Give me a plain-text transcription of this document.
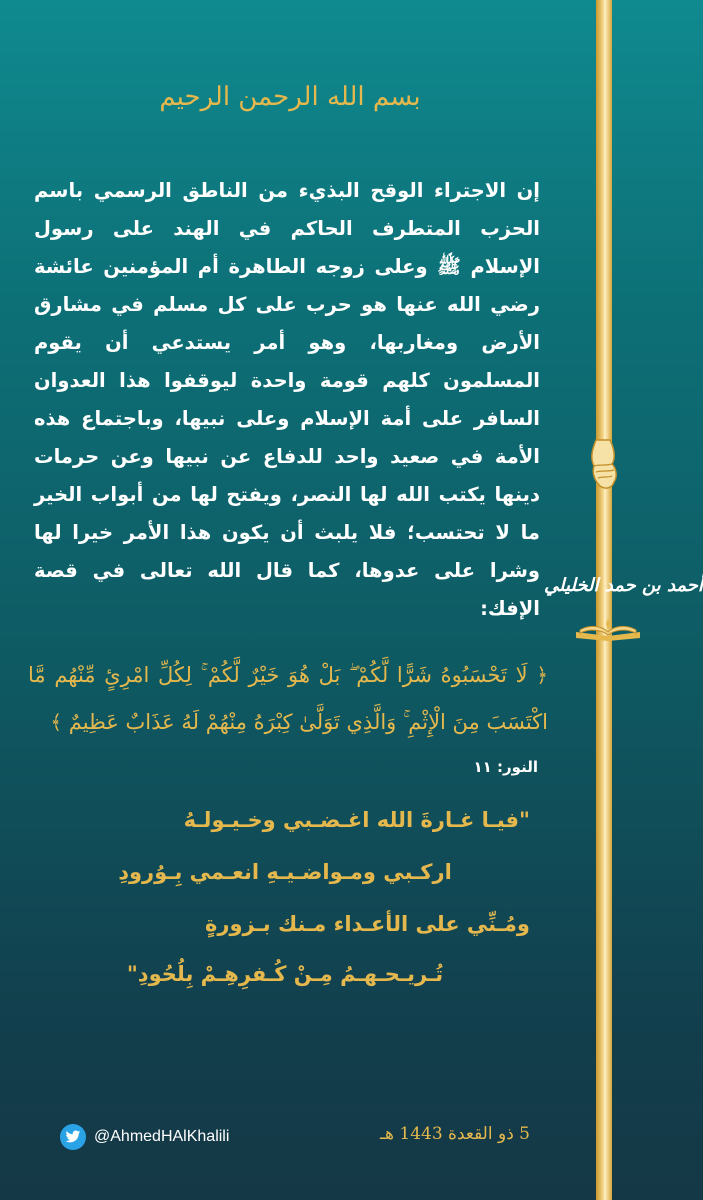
أحمد بن حمد الخليلي
بسم الله الرحمن الرحيم
إن الاجتراء الوقح البذيء من الناطق الرسمي باسم الحزب المتطرف الحاكم في الهند على رسول الإسلام ﷺ وعلى زوجه الطاهرة أم المؤمنين عائشة رضي الله عنها هو حرب على كل مسلم في مشارق الأرض ومغاربها، وهو أمر يستدعي أن يقوم المسلمون كلهم قومة واحدة ليوقفوا هذا العدوان السافر على أمة الإسلام وعلى نبيها، وباجتماع هذه الأمة في صعيد واحد للدفاع عن نبيها وعن حرمات دينها يكتب الله لها النصر، ويفتح لها من أبواب الخير ما لا تحتسب؛ فلا يلبث أن يكون هذا الأمر خيرا لها وشرا على عدوها، كما قال الله تعالى في قصة الإفك:
﴿ لَا تَحْسَبُوهُ شَرًّا لَّكُمْ ۖ بَلْ هُوَ خَيْرٌ لَّكُمْ ۚ لِكُلِّ امْرِئٍ مِّنْهُم مَّا اكْتَسَبَ مِنَ الْإِثْمِ ۚ وَالَّذِي تَوَلَّىٰ كِبْرَهُ مِنْهُمْ لَهُ عَذَابٌ عَظِيمٌ ﴾
النور: ١١
"فيـا غـارةَ الله اغـضـبي وخـيـولـهُ
اركـبي ومـواضـيـهِ انعـمي بِـوُرودِ
ومُـنِّي على الأعـداء مـنك بـزورةٍ
تُـريـحـهـمُ مِـنْ كُـفرِهِـمْ بِلُحُودِ"
@AhmedHAlKhalili	5 ذو القعدة 1443 هـ
